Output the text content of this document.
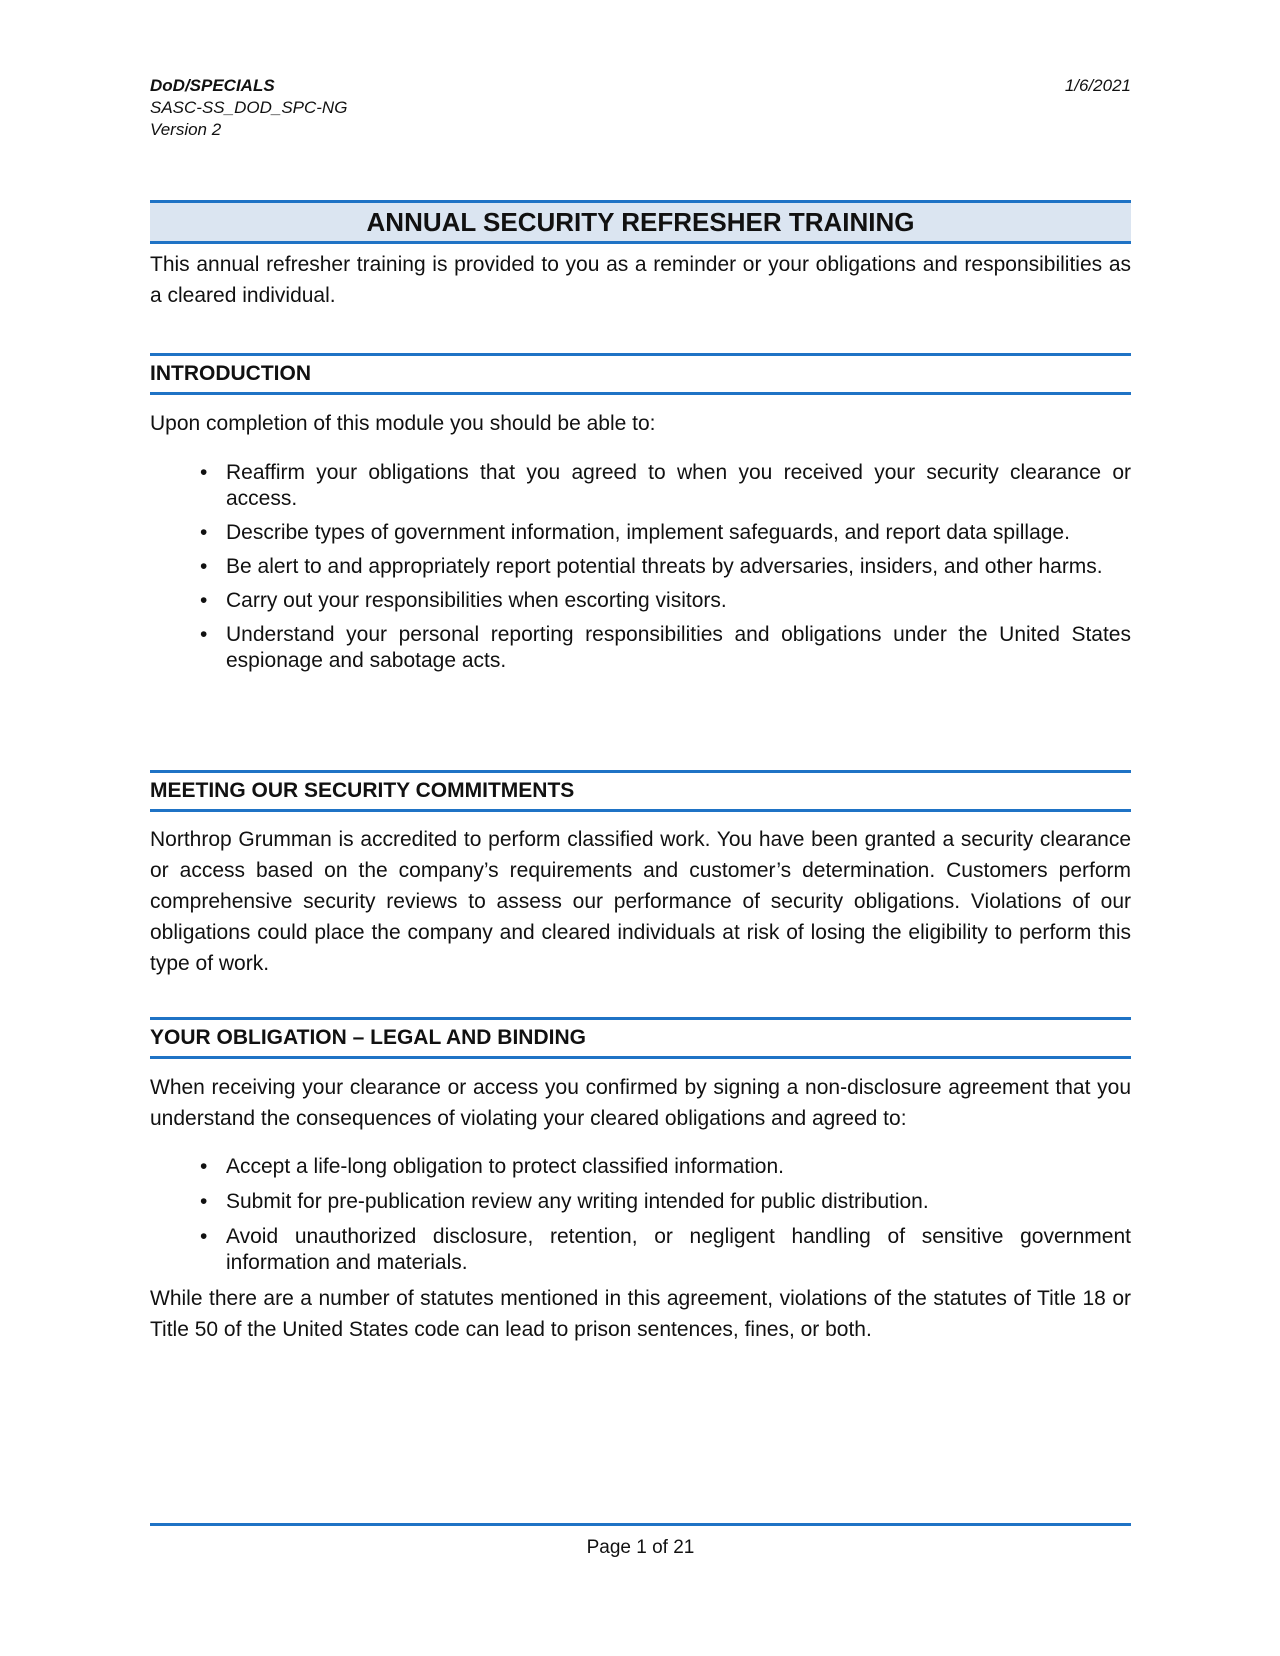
DoD/SPECIALS	1/6/2021
SASC-SS_DOD_SPC-NG
Version 2
ANNUAL SECURITY REFRESHER TRAINING

This annual refresher training is provided to you as a reminder or your obligations and responsibilities as a cleared individual.

INTRODUCTION

Upon completion of this module you should be able to:

• Reaffirm your obligations that you agreed to when you received your security clearance or access.
• Describe types of government information, implement safeguards, and report data spillage.
• Be alert to and appropriately report potential threats by adversaries, insiders, and other harms.
• Carry out your responsibilities when escorting visitors.
• Understand your personal reporting responsibilities and obligations under the United States espionage and sabotage acts.
MEETING OUR SECURITY COMMITMENTS

Northrop Grumman is accredited to perform classified work. You have been granted a security clearance or access based on the company’s requirements and customer’s determination. Customers perform comprehensive security reviews to assess our performance of security obligations. Violations of our obligations could place the company and cleared individuals at risk of losing the eligibility to perform this type of work.

YOUR OBLIGATION – LEGAL AND BINDING

When receiving your clearance or access you confirmed by signing a non-disclosure agreement that you understand the consequences of violating your cleared obligations and agreed to:

• Accept a life-long obligation to protect classified information.
• Submit for pre-publication review any writing intended for public distribution.
• Avoid unauthorized disclosure, retention, or negligent handling of sensitive government information and materials.

While there are a number of statutes mentioned in this agreement, violations of the statutes of Title 18 or Title 50 of the United States code can lead to prison sentences, fines, or both.

Page 1 of 21
